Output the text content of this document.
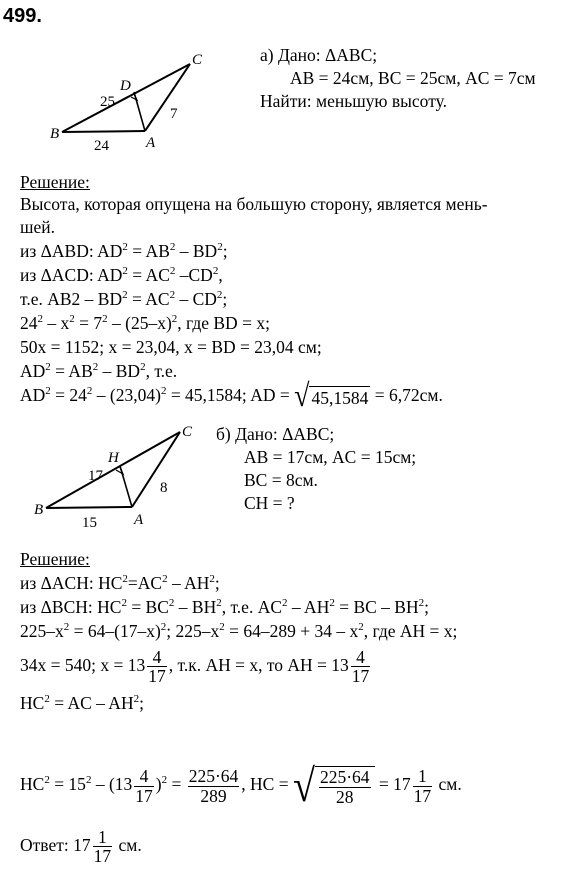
499.
C
D
B
A
25
7
24
а) Дано: ΔABC;
AB = 24см, BC = 25см, AC = 7см
Найти: меньшую высоту.
Решение:
Высота, которая опущена на большую сторону, является мень-
шей.
из ΔABD: $AD^2 = AB^2 - BD^2$;
из ΔACD: $AD^2 = AC^2$ $-CD^2$,
т.е. $AB2 - BD^2 = AC^2 - CD^2$;
$24^2 - x^2 = 7^2 - (25-x)^2$, где BD = x;
50x = 1152; x = 23,04, x = BD = 23,04 см;
$AD^2 = AB^2 - BD^2$, т.е.
$AD^2 = 24^2 - (23,04)^2 = 45,1584$; AD = √ 45,1584 = 6,72см.
C
H
B
A
17
8
15
б) Дано: ΔABC;
AB = 17см, AC = 15см;
BC = 8см.
CH = ?
Решение:
из ΔACH: $HC^2=AC^2 - AH^2$;
из ΔBCH: $HC^2 = BC^2 - BH^2$, т.е. $AC^2 - AH^2$ = BC – $BH^2$;
$225-x^2 = 64-(17-x)^2$; $225-x^2 = 64-289 + 34 - x^2$, где AH = x;
34x = 540; $x = 13 \frac{4}{17}$ , т.к. AH = x, то AH = $13 \frac{4}{17}$
$HC^2$ = AC – $AH^2$;
$HC^2 = 15^2 - (13 \frac{4}{17} )^2 = \frac{225\cdot 64}{289}$ , HC = √ $\frac{225\cdot 64}{28} = 17 \frac{1}{17}$ см.
Ответ: $17 \frac{1}{17}$ см.
